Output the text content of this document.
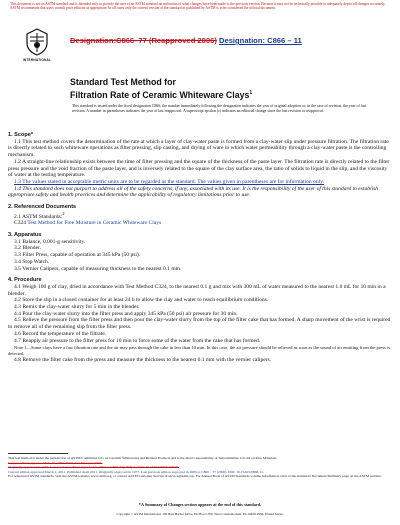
This document is not an ASTM standard and is intended only to provide the user of an ASTM standard an indication of what changes have been made to the previous version. Because it may not be technically possible to adequately depict all changes accurately, ASTM recommends that users consult prior editions as appropriate. In all cases only the current version of the standard as published by ASTM is to be considered the official document.
INTERNATIONAL
Designation:C866–77 (Reapproved 2006) Designation: C866 – 11
Standard Test Method for
Filtration Rate of Ceramic Whiteware Clays$^1$
This standard is issued under the fixed designation C866; the number immediately following the designation indicates the year of original adoption or, in the case of revision, the year of last revision. A number in parentheses indicates the year of last reapproval. A superscript epsilon (ε) indicates an editorial change since the last revision or reapproval.
1. Scope*

1.1 This test method covers the determination of the rate at which a layer of clay-water paste is formed from a clay-water slip under pressure filtration. The filtration rate is directly related to such whiteware operations as filter pressing, slip casting, and drying of ware in which water permeability through a clay-water paste is the controlling mechanism.

1.2 A straight-line relationship exists between the time of filter pressing and the square of the thickness of the paste layer. The filtration rate is directly related to the filter press pressure and the void fraction of the paste layer, and is inversely related to the square of the clay surface area, the ratio of solids to liquid in the slip, and the viscosity of water at the testing temperature.

1.3 The values stated in acceptable metric units are to be regarded as the standard. The values given in parentheses are for information only.

1.4 This standard does not purport to address all of the safety concerns, if any, associated with its use. It is the responsibility of the user of this standard to establish appropriate safety and health practices and determine the applicability of regulatory limitations prior to use.

2. Referenced Documents

2.1 ASTM Standards:$^2$

C324 Test Method for Free Moisture in Ceramic Whiteware Clays

3. Apparatus

3.1 Balance, 0.001-g sensitivity.

3.2 Blender.

3.3 Filter Press, capable of operation at 345 kPa (50 psi).

3.4 Stop Watch.

3.5 Vernier Calipers, capable of measuring thickness to the nearest 0.1 mm.

4. Procedure

4.1 Weigh 100 g of clay, dried in accordance with Test Method C324, to the nearest 0.1 g and mix with 300 mL of water measured to the nearest 1.0 mL for 10 min in a blender.

4.2 Store the slip in a closed container for at least 24 h to allow the clay and water to reach equilibrium conditions.

4.3 Remix the clay-water slurry for 5 min in the blender.

4.4 Pour the clay-water slurry into the filter press and apply 345 kPa (50 psi) air pressure for 30 min.

4.5 Relieve the pressure from the filter press and then pour the clay-water slurry from the top of the filter cake that has formed. A sharp movement of the wrist is required to remove all of the remaining slip from the filter press.

4.6 Record the temperature of the filtrate.

4.7 Reapply air pressure to the filter press for 10 min to force some of the water from the cake that has formed.

Note 1—Some clays have a fast filtration rate and the air may pass through the cake in less than 10 min. In this case, the air pressure should be relieved as soon as the sound of air emitting from the press is detected.

4.8 Remove the filter cake from the press and measure the thickness to the nearest 0.1 mm with the vernier calipers.

This test method is under the jurisdiction of ASTM Committee C21 on Ceramic Whitewares and Related Products and is the direct responsibility of Subcommittee C21.04 on Raw Materials.
Current edition approved Feb. 15, 2006. Published February 2006.
Originally approved in 1977. Last previous edition approved in 1997 as C866-77(1997)ε1. DOI: 10.1520/C0866-77R06.
Current edition approved March 1, 2011. Published April 2011. Originally approved in 1977. Last previous edition approved in 2006 as C866 – 77 (2006). DOI: 10.1520/C0866-11.
For referenced ASTM standards, visit the ASTM website, www.astm.org, or contact ASTM Customer Service at service@astm.org. For Annual Book of ASTM Standards volume information, refer to the standard's Document Summary page on the ASTM website.
*A Summary of Changes section appears at the end of this standard.
Copyright © ASTM International, 100 Barr Harbor Drive, PO Box C700, West Conshohocken, PA 19428-2959, United States.
